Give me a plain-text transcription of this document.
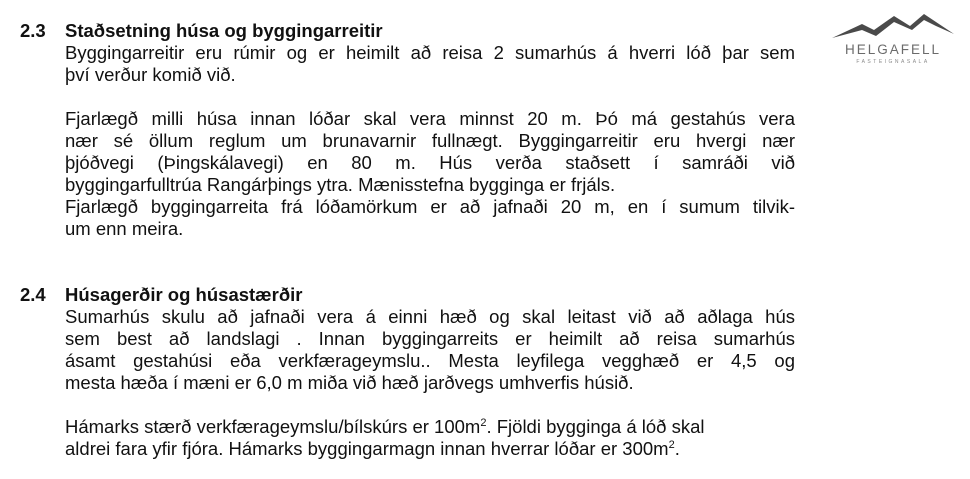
HELGAFELL
FASTEIGNASALA
2.3	Staðsetning húsa og byggingarreitir
Byggingarreitir eru rúmir og er heimilt að reisa 2 sumarhús á hverri lóð þar sem
því verður komið við.
Fjarlægð milli húsa innan lóðar skal vera minnst 20 m. Þó má gestahús vera
nær sé öllum reglum um brunavarnir fullnægt. Byggingarreitir eru hvergi nær
þjóðvegi (Þingskálavegi) en 80 m. Hús verða staðsett í samráði við
byggingarfulltrúa Rangárþings ytra. Mænisstefna bygginga er frjáls.
Fjarlægð byggingarreita frá lóðamörkum er að jafnaði 20 m, en í sumum tilvik-
um enn meira.
2.4	Húsagerðir og húsastærðir
Sumarhús skulu að jafnaði vera á einni hæð og skal leitast við að aðlaga hús
sem best að landslagi . Innan byggingarreits er heimilt að reisa sumarhús
ásamt gestahúsi eða verkfærageymslu.. Mesta leyfilega vegghæð er 4,5 og
mesta hæða í mæni er 6,0 m miða við hæð jarðvegs umhverfis húsið.
Hámarks stærð verkfærageymslu/bílskúrs er $100m^2$. Fjöldi bygginga á lóð skal
aldrei fara yfir fjóra. Hámarks byggingarmagn innan hverrar lóðar er $300m^2$.
